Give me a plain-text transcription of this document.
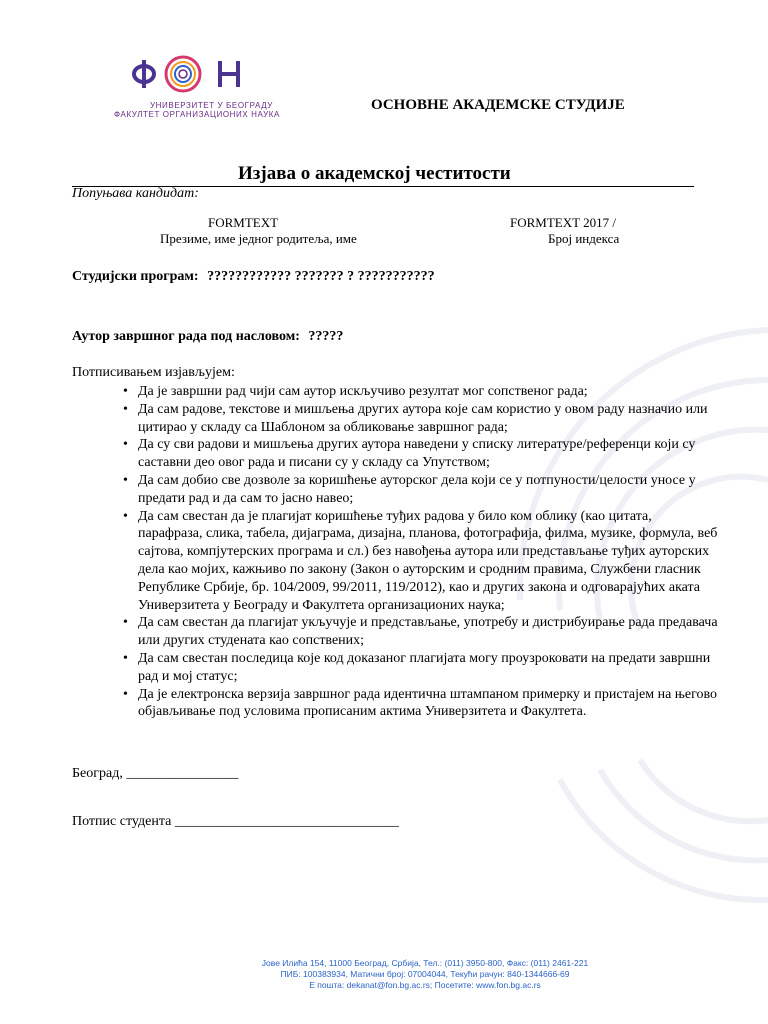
УНИВЕРЗИТЕТ У БЕОГРАДУ
ФАКУЛТЕТ ОРГАНИЗАЦИОНИХ НАУКА
ОСНОВНЕ АКАДЕМСКЕ СТУДИЈЕ
Изјава о академској честитости
Попуњава кандидат:
FORMTEXT
Презиме, име једног родитеља, име
FORMTEXT 2017 /
Број индекса
Студијски програм: ???????????? ??????? ? ???????????
Аутор завршног рада под насловом: ?????
Потписивањем изјављујем:
Да је завршни рад чији сам аутор искључиво резултат мог сопственог рада;
Да сам радове, текстове и мишљења других аутора које сам користио у овом раду назначио или цитирао у складу са Шаблоном за обликовање завршног рада;
Да су сви радови и мишљења других аутора наведени у списку литературе/референци који су саставни део овог рада и писани су у складу са Упутством;
Да сам добио све дозволе за коришћење ауторског дела који се у потпуности/целости уносе у предати рад и да сам то јасно навео;
Да сам свестан да је плагијат коришћење туђих радова у било ком облику (као цитата, парафраза, слика, табела, дијаграма, дизајна, планова, фотографија, филма, музике, формула, веб сајтова, компјутерских програма и сл.) без навођења аутора или представљање туђих ауторских дела као мојих, кажњиво по закону (Закон о ауторским и сродним правима, Службени гласник Републике Србије, бр. 104/2009, 99/2011, 119/2012), као и других закона и одговарајућих аката Универзитета у Београду и Факултета организационих наука;
Да сам свестан да плагијат укључује и представљање, употребу и дистрибуирање рада предавача или других студената као сопствених;
Да сам свестан последица које код доказаног плагијата могу проузроковати на предати завршни рад и мој статус;
Да је електронска верзија завршног рада идентична штампаном примерку и пристајем на његово објављивање под условима прописаним актима Универзитета и Факултета.
Београд, ________________
Потпис студента ________________________________
Јове Илића 154, 11000 Београд, Србија, Тел.: (011) 3950-800, Факс: (011) 2461-221
ПИБ: 100383934, Матични број: 07004044, Текући рачун: 840-1344666-69
Е пошта: dekanat@fon.bg.ac.rs; Посетите: www.fon.bg.ac.rs
